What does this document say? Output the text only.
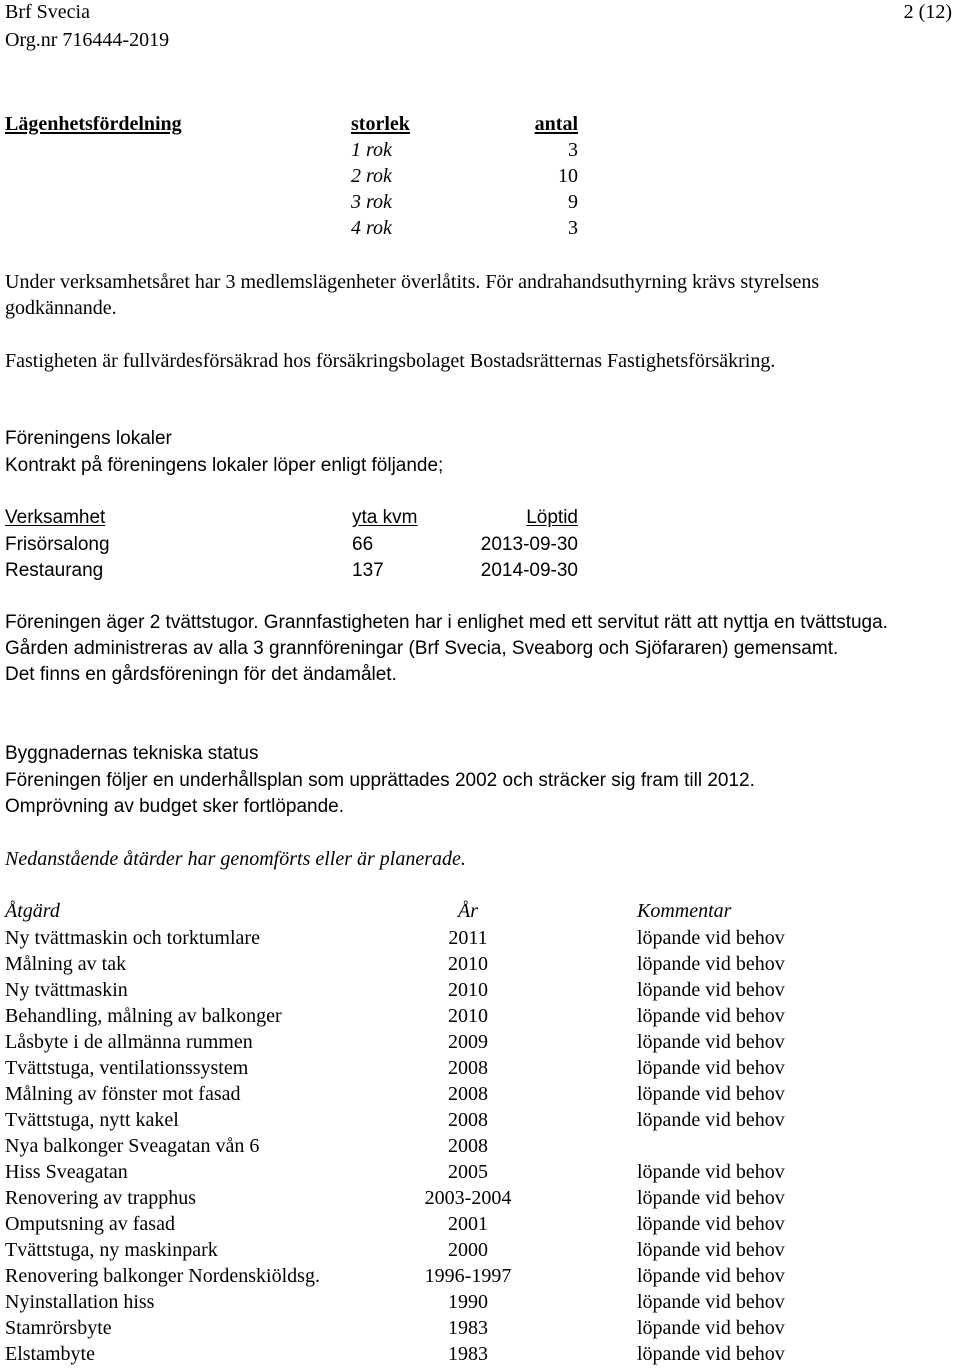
Brf Svecia
Org.nr 716444-2019
2 (12)
Lägenhetsfördelning	storlek	antal
1 rok	3
2 rok	10
3 rok	9
4 rok	3
Under verksamhetsåret har 3 medlemslägenheter överlåtits. För andrahandsuthyrning krävs styrelsens
godkännande.
Fastigheten är fullvärdesförsäkrad hos försäkringsbolaget Bostadsrätternas Fastighetsförsäkring.
Föreningens lokaler
Kontrakt på föreningens lokaler löper enligt följande;
Verksamhet	yta kvm	Löptid
Frisörsalong	66	2013-09-30
Restaurang	137	2014-09-30
Föreningen äger 2 tvättstugor. Grannfastigheten har i enlighet med ett servitut rätt att nyttja en tvättstuga.
Gården administreras av alla 3 grannföreningar (Brf Svecia, Sveaborg och Sjöfararen) gemensamt.
Det finns en gårdsföreningn för det ändamålet.
Byggnadernas tekniska status
Föreningen följer en underhållsplan som upprättades 2002 och sträcker sig fram till 2012.
Omprövning av budget sker fortlöpande.
Nedanstående åtärder har genomförts eller är planerade.
Åtgärd	År	Kommentar
Ny tvättmaskin och torktumlare	2011	löpande vid behov
Målning av tak	2010	löpande vid behov
Ny tvättmaskin	2010	löpande vid behov
Behandling, målning av balkonger	2010	löpande vid behov
Låsbyte i de allmänna rummen	2009	löpande vid behov
Tvättstuga, ventilationssystem	2008	löpande vid behov
Målning av fönster mot fasad	2008	löpande vid behov
Tvättstuga, nytt kakel	2008	löpande vid behov
Nya balkonger Sveagatan vån 6	2008
Hiss Sveagatan	2005	löpande vid behov
Renovering av trapphus	2003-2004	löpande vid behov
Omputsning av fasad	2001	löpande vid behov
Tvättstuga, ny maskinpark	2000	löpande vid behov
Renovering balkonger Nordenskiöldsg.	1996-1997	löpande vid behov
Nyinstallation hiss	1990	löpande vid behov
Stamrörsbyte	1983	löpande vid behov
Elstambyte	1983	löpande vid behov
